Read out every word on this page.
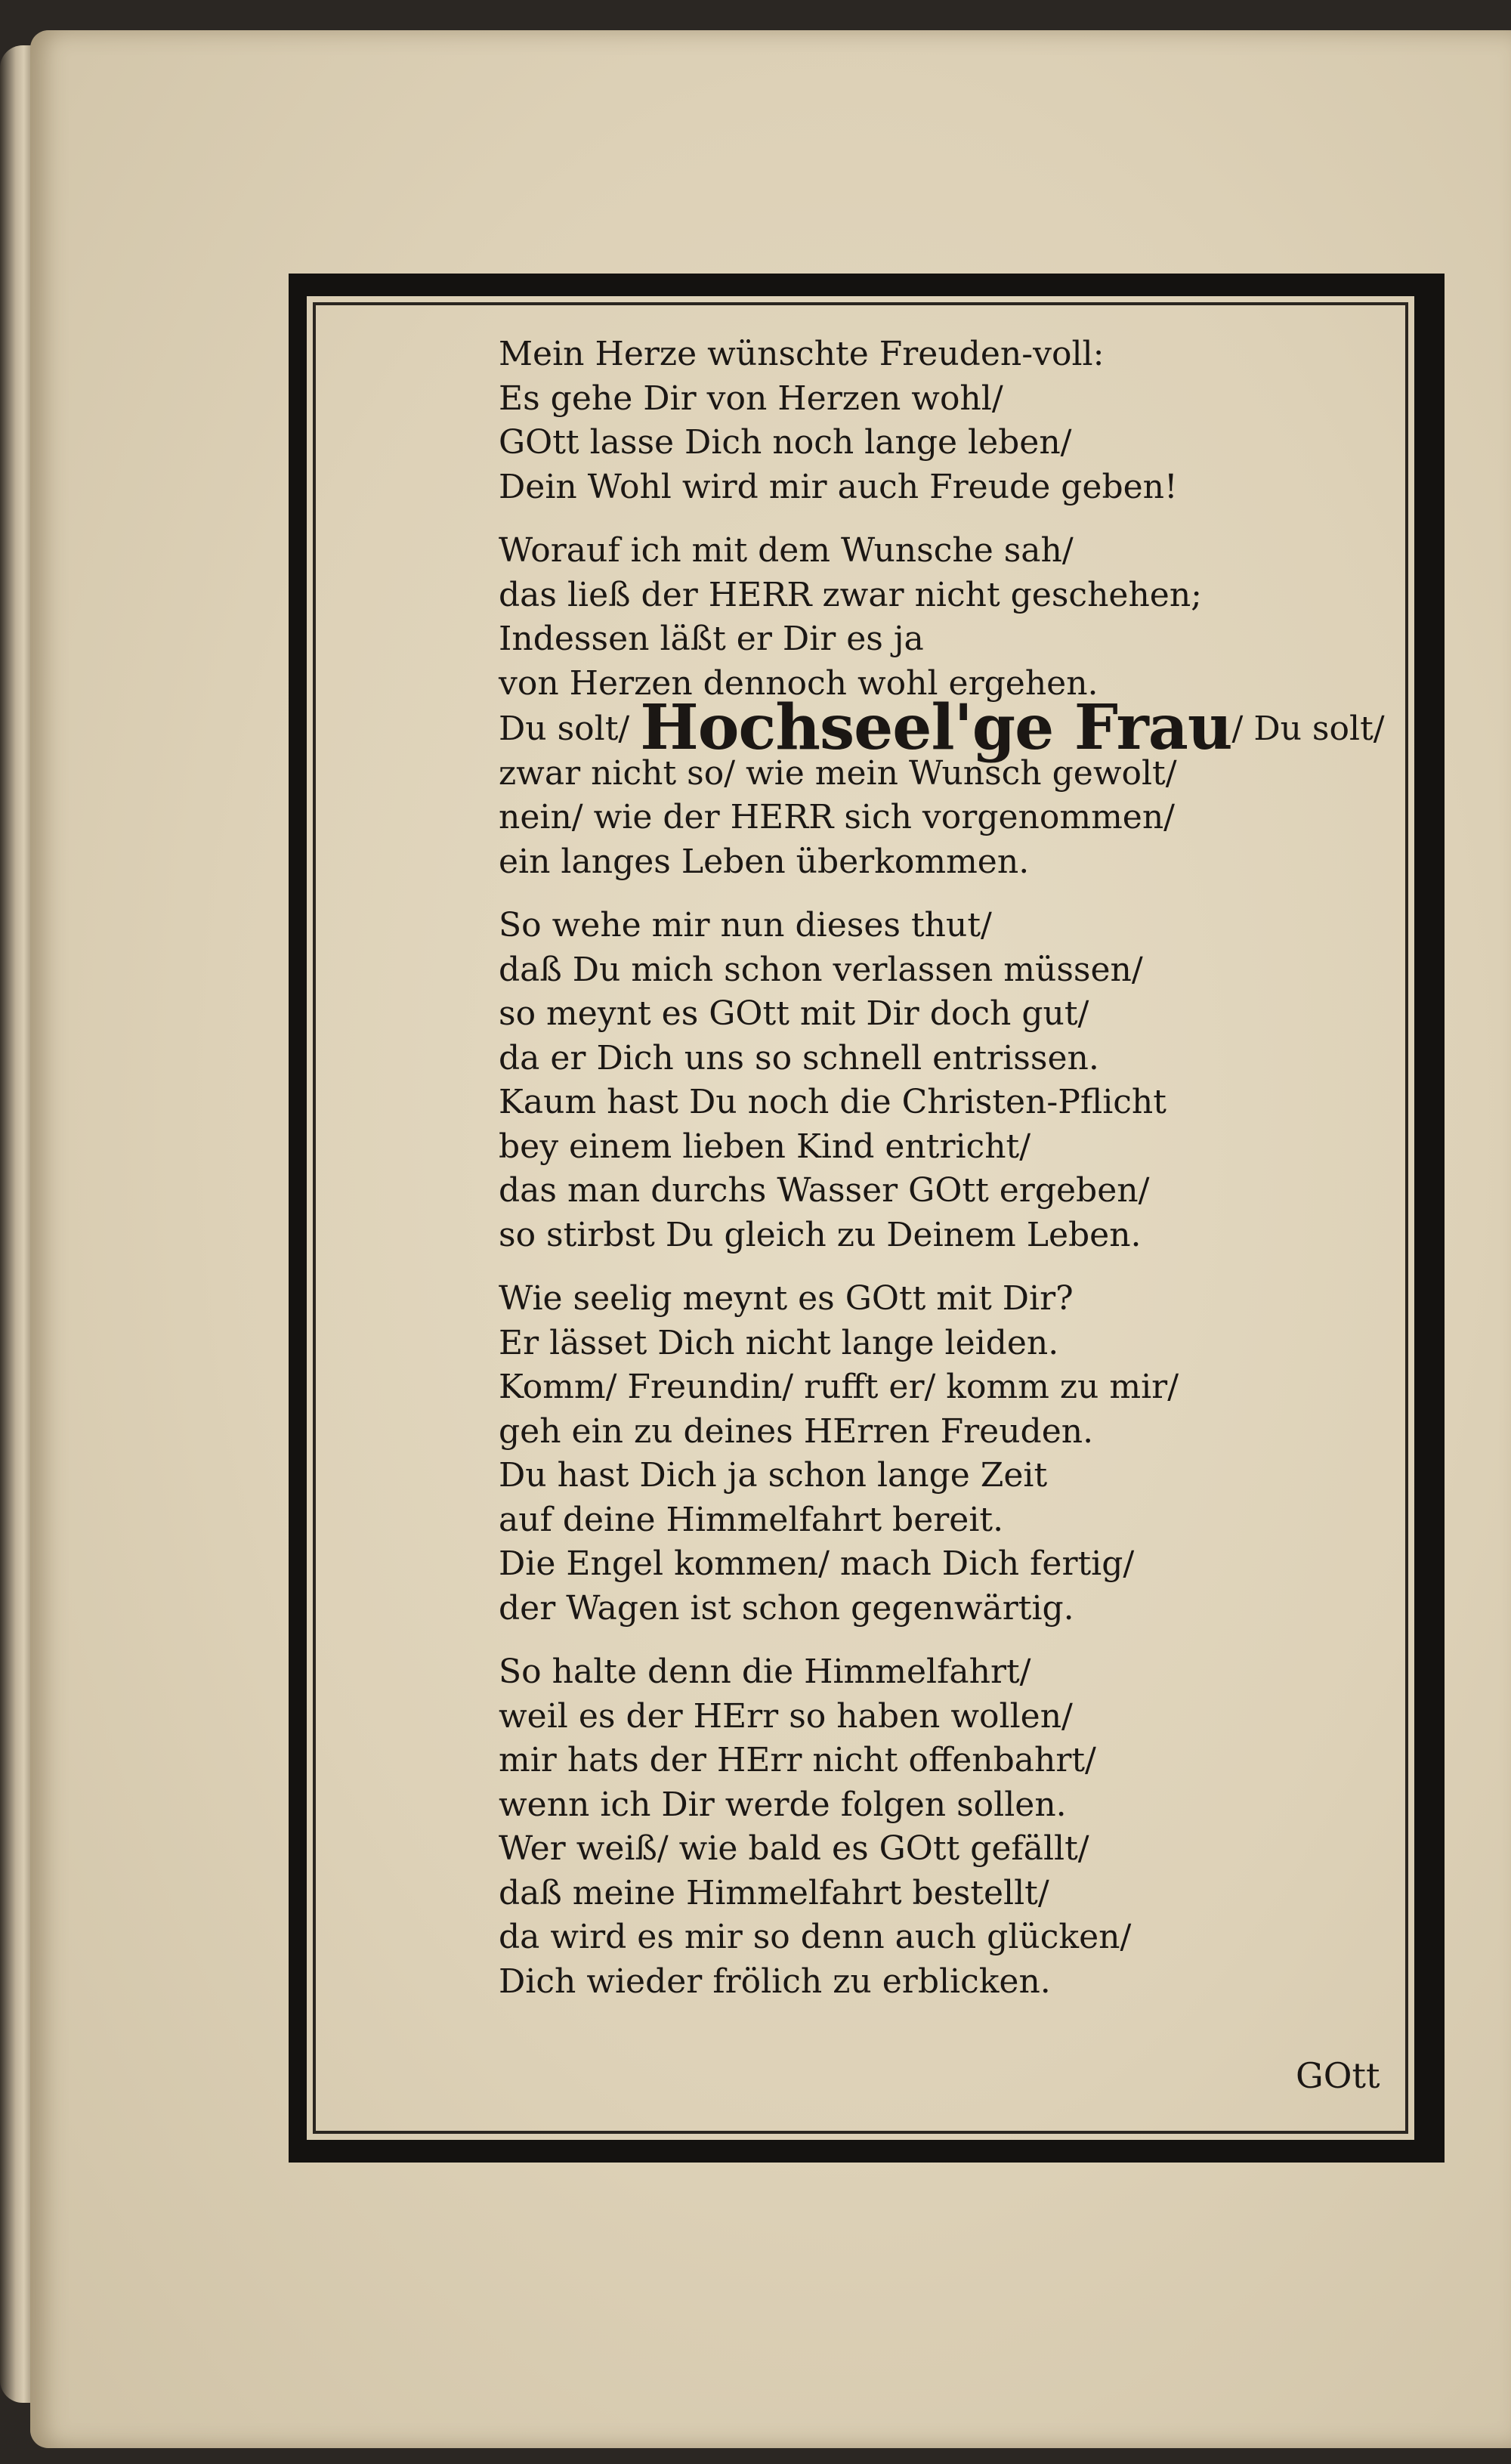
Mein Herze wünschte Freuden-voll:
Es gehe Dir von Herzen wohl/
GOtt lasse Dich noch lange leben/
Dein Wohl wird mir auch Freude geben!
Worauf ich mit dem Wunsche sah/
das ließ der HERR zwar nicht geschehen;
Indessen läßt er Dir es ja
von Herzen dennoch wohl ergehen.
Du solt/ Hochseel'ge Frau/ Du solt/
zwar nicht so/ wie mein Wunsch gewolt/
nein/ wie der HERR sich vorgenommen/
ein langes Leben überkommen.
So wehe mir nun dieses thut/
daß Du mich schon verlassen müssen/
so meynt es GOtt mit Dir doch gut/
da er Dich uns so schnell entrissen.
Kaum hast Du noch die Christen-Pflicht
bey einem lieben Kind entricht/
das man durchs Wasser GOtt ergeben/
so stirbst Du gleich zu Deinem Leben.
Wie seelig meynt es GOtt mit Dir?
Er lässet Dich nicht lange leiden.
Komm/ Freundin/ rufft er/ komm zu mir/
geh ein zu deines HErren Freuden.
Du hast Dich ja schon lange Zeit
auf deine Himmelfahrt bereit.
Die Engel kommen/ mach Dich fertig/
der Wagen ist schon gegenwärtig.
So halte denn die Himmelfahrt/
weil es der HErr so haben wollen/
mir hats der HErr nicht offenbahrt/
wenn ich Dir werde folgen sollen.
Wer weiß/ wie bald es GOtt gefällt/
daß meine Himmelfahrt bestellt/
da wird es mir so denn auch glücken/
Dich wieder frölich zu erblicken.
GOtt
